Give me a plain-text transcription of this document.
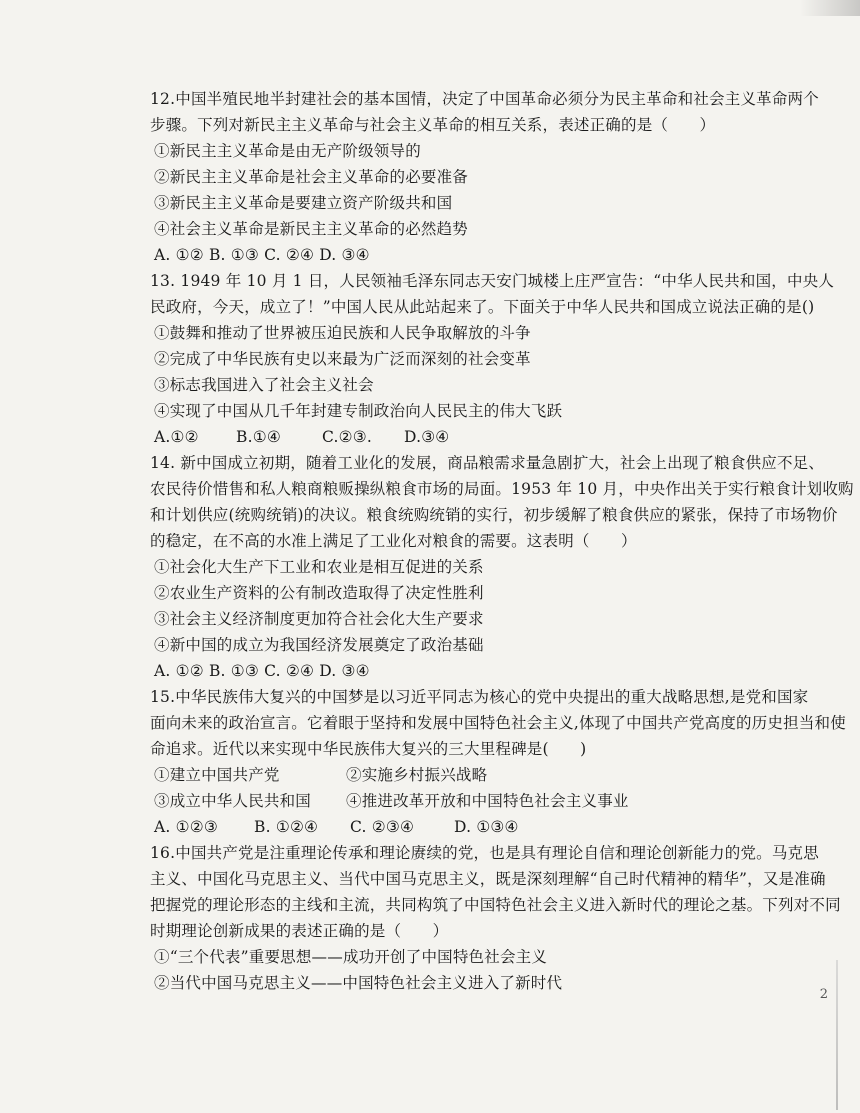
12.中国半殖民地半封建社会的基本国情，决定了中国革命必须分为民主革命和社会主义革命两个
步骤。下列对新民主主义革命与社会主义革命的相互关系，表述正确的是（　　）
①新民主主义革命是由无产阶级领导的
②新民主主义革命是社会主义革命的必要准备
③新民主主义革命是要建立资产阶级共和国
④社会主义革命是新民主主义革命的必然趋势
A. ①② B. ①③ C. ②④ D. ③④
13. 1949 年 10 月 1 日，人民领袖毛泽东同志天安门城楼上庄严宣告：“中华人民共和国，中央人
民政府，今天，成立了！”中国人民从此站起来了。下面关于中华人民共和国成立说法正确的是()
①鼓舞和推动了世界被压迫民族和人民争取解放的斗争
②完成了中华民族有史以来最为广泛而深刻的社会变革
③标志我国进入了社会主义社会
④实现了中国从几千年封建专制政治向人民民主的伟大飞跃
A.①② B.①④	C.②③. D.③④
14. 新中国成立初期，随着工业化的发展，商品粮需求量急剧扩大，社会上出现了粮食供应不足、
农民待价惜售和私人粮商粮贩操纵粮食市场的局面。1953 年 10 月，中央作出关于实行粮食计划收购
和计划供应(统购统销)的决议。粮食统购统销的实行，初步缓解了粮食供应的紧张，保持了市场物价
的稳定，在不高的水准上满足了工业化对粮食的需要。这表明（　　）
①社会化大生产下工业和农业是相互促进的关系
②农业生产资料的公有制改造取得了决定性胜利
③社会主义经济制度更加符合社会化大生产要求
④新中国的成立为我国经济发展奠定了政治基础
A. ①② B. ①③ C. ②④ D. ③④
15.中华民族伟大复兴的中国梦是以习近平同志为核心的党中央提出的重大战略思想,是党和国家
面向未来的政治宣言。它着眼于坚持和发展中国特色社会主义,体现了中国共产党高度的历史担当和使
命追求。近代以来实现中华民族伟大复兴的三大里程碑是(　　)
①建立中国共产党	②实施乡村振兴战略
③成立中华人民共和国	④推进改革开放和中国特色社会主义事业
A. ①②③ B. ①②④ C. ②③④	D. ①③④
16.中国共产党是注重理论传承和理论赓续的党，也是具有理论自信和理论创新能力的党。马克思
主义、中国化马克思主义、当代中国马克思主义，既是深刻理解“自己时代精神的精华”，又是准确
把握党的理论形态的主线和主流，共同构筑了中国特色社会主义进入新时代的理论之基。下列对不同
时期理论创新成果的表述正确的是（　　）
①“三个代表”重要思想——成功开创了中国特色社会主义
②当代中国马克思主义——中国特色社会主义进入了新时代
2
